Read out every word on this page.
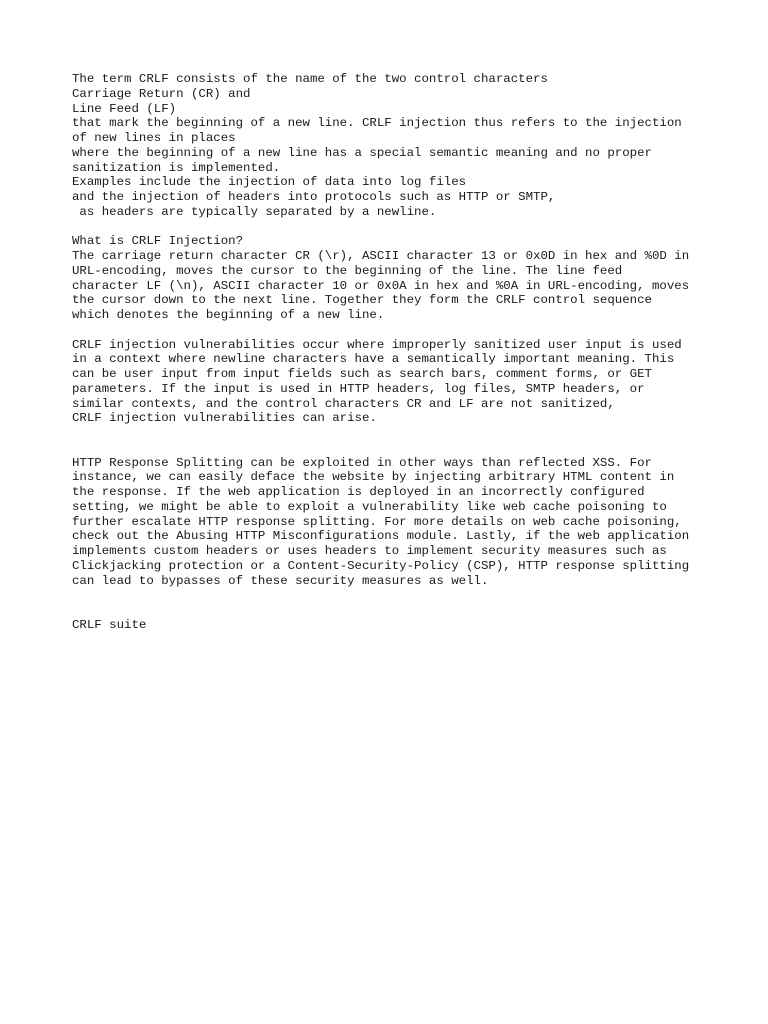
The term CRLF consists of the name of the two control characters
Carriage Return (CR) and
Line Feed (LF)
that mark the beginning of a new line. CRLF injection thus refers to the injection
of new lines in places
where the beginning of a new line has a special semantic meaning and no proper
sanitization is implemented.
Examples include the injection of data into log files
and the injection of headers into protocols such as HTTP or SMTP,
as headers are typically separated by a newline.
What is CRLF Injection?
The carriage return character CR (\r), ASCII character 13 or 0x0D in hex and %0D in
URL-encoding, moves the cursor to the beginning of the line. The line feed
character LF (\n), ASCII character 10 or 0x0A in hex and %0A in URL-encoding, moves
the cursor down to the next line. Together they form the CRLF control sequence
which denotes the beginning of a new line.
CRLF injection vulnerabilities occur where improperly sanitized user input is used
in a context where newline characters have a semantically important meaning. This
can be user input from input fields such as search bars, comment forms, or GET
parameters. If the input is used in HTTP headers, log files, SMTP headers, or
similar contexts, and the control characters CR and LF are not sanitized,
CRLF injection vulnerabilities can arise.
HTTP Response Splitting can be exploited in other ways than reflected XSS. For
instance, we can easily deface the website by injecting arbitrary HTML content in
the response. If the web application is deployed in an incorrectly configured
setting, we might be able to exploit a vulnerability like web cache poisoning to
further escalate HTTP response splitting. For more details on web cache poisoning,
check out the Abusing HTTP Misconfigurations module. Lastly, if the web application
implements custom headers or uses headers to implement security measures such as
Clickjacking protection or a Content-Security-Policy (CSP), HTTP response splitting
can lead to bypasses of these security measures as well.
CRLF suite
